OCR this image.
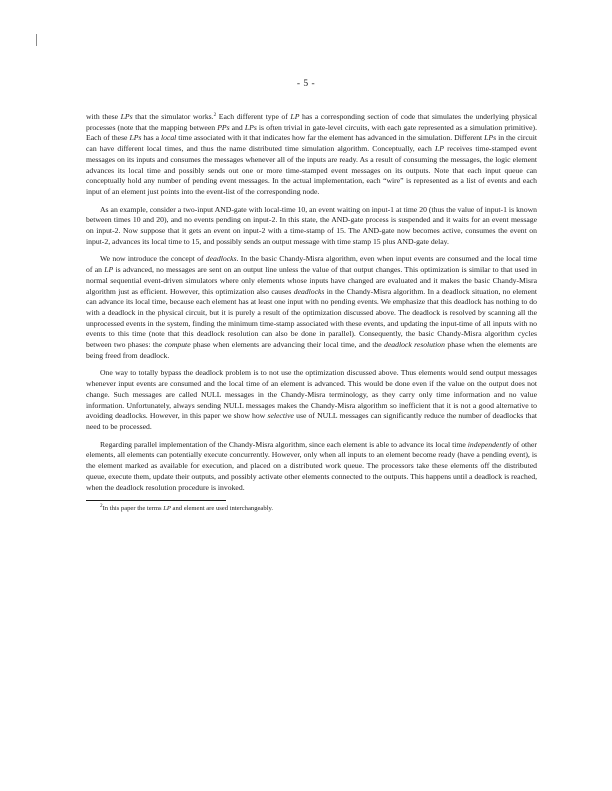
- 5 -

with these LPs that the simulator works.$^2$ Each different type of LP has a corresponding section of code that simulates the underlying physical processes (note that the mapping between PPs and LPs is often trivial in gate-level circuits, with each gate represented as a simulation primitive). Each of these LPs has a local time associated with it that indicates how far the element has advanced in the simulation. Different LPs in the circuit can have different local times, and thus the name distributed time simulation algorithm. Conceptually, each LP receives time-stamped event messages on its inputs and consumes the messages whenever all of the inputs are ready. As a result of consuming the messages, the logic element advances its local time and possibly sends out one or more time-stamped event messages on its outputs. Note that each input queue can conceptually hold any number of pending event messages. In the actual implementation, each “wire” is represented as a list of events and each input of an element just points into the event-list of the corresponding node.

As an example, consider a two-input AND-gate with local-time 10, an event waiting on input-1 at time 20 (thus the value of input-1 is known between times 10 and 20), and no events pending on input-2. In this state, the AND-gate process is suspended and it waits for an event message on input-2. Now suppose that it gets an event on input-2 with a time-stamp of 15. The AND-gate now becomes active, consumes the event on input-2, advances its local time to 15, and possibly sends an output message with time stamp 15 plus AND-gate delay.

We now introduce the concept of deadlocks. In the basic Chandy-Misra algorithm, even when input events are consumed and the local time of an LP is advanced, no messages are sent on an output line unless the value of that output changes. This optimization is similar to that used in normal sequential event-driven simulators where only elements whose inputs have changed are evaluated and it makes the basic Chandy-Misra algorithm just as efficient. However, this optimization also causes deadlocks in the Chandy-Misra algorithm. In a deadlock situation, no element can advance its local time, because each element has at least one input with no pending events. We emphasize that this deadlock has nothing to do with a deadlock in the physical circuit, but it is purely a result of the optimization discussed above. The deadlock is resolved by scanning all the unprocessed events in the system, finding the minimum time-stamp associated with these events, and updating the input-time of all inputs with no events to this time (note that this deadlock resolution can also be done in parallel). Consequently, the basic Chandy-Misra algorithm cycles between two phases: the compute phase when elements are advancing their local time, and the deadlock resolution phase when the elements are being freed from deadlock.

One way to totally bypass the deadlock problem is to not use the optimization discussed above. Thus elements would send output messages whenever input events are consumed and the local time of an element is advanced. This would be done even if the value on the output does not change. Such messages are called NULL messages in the Chandy-Misra terminology, as they carry only time information and no value information. Unfortunately, always sending NULL messages makes the Chandy-Misra algorithm so inefficient that it is not a good alternative to avoiding deadlocks. However, in this paper we show how selective use of NULL messages can significantly reduce the number of deadlocks that need to be processed.

Regarding parallel implementation of the Chandy-Misra algorithm, since each element is able to advance its local time independently of other elements, all elements can potentially execute concurrently. However, only when all inputs to an element become ready (have a pending event), is the element marked as available for execution, and placed on a distributed work queue. The processors take these elements off the distributed queue, execute them, update their outputs, and possibly activate other elements connected to the outputs. This happens until a deadlock is reached, when the deadlock resolution procedure is invoked.

$^2$In this paper the terms LP and element are used interchangeably.
